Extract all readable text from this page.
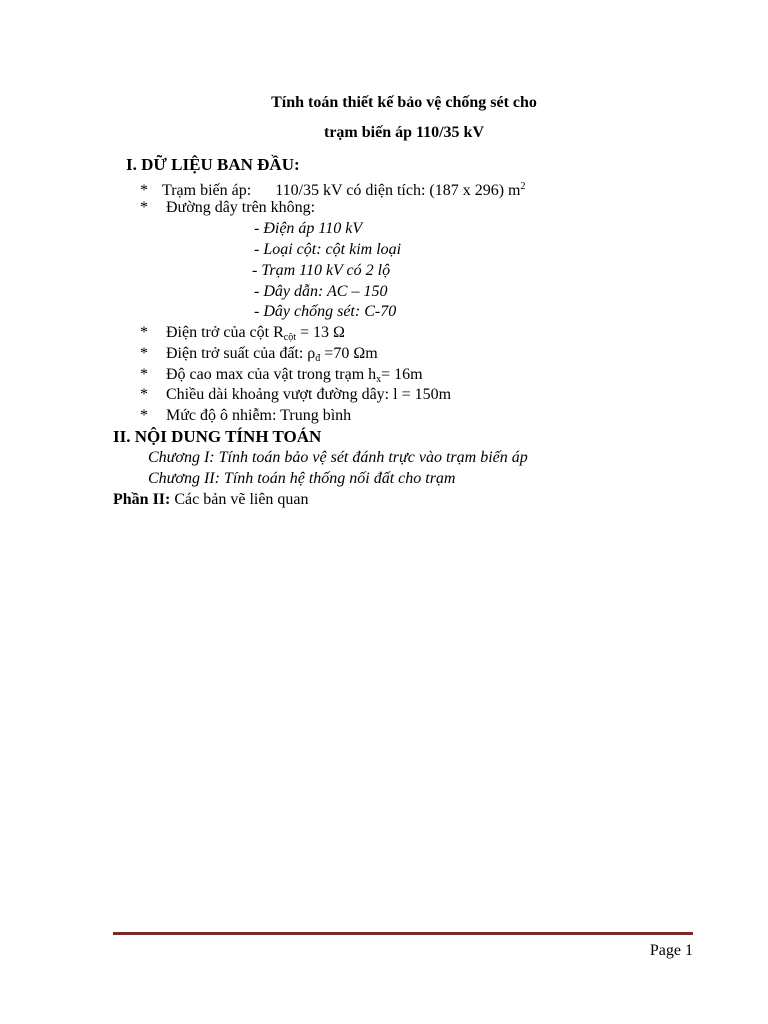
Tính toán thiết kế bảo vệ chống sét cho
trạm biến áp 110/35 kV
I. DỮ LIỆU BAN ĐẦU:
* Trạm biến áp: 110/35 kV có diện tích: (187 x 296) $m^2$
* Đường dây trên không:
- Điện áp 110 kV
- Loại cột: cột kim loại
- Trạm 110 kV có 2 lộ
- Dây dẫn: AC – 150
- Dây chống sét: C-70
* Điện trở của cột $R_{cột} = 13$ Ω
* Điện trở suất của đất: $\rho_đ =70$ Ωm
* Độ cao max của vật trong trạm $h_x= 16m$
* Chiều dài khoảng vượt đường dây: l = 150m
* Mức độ ô nhiễm: Trung bình
II. NỘI DUNG TÍNH TOÁN
Chương I: Tính toán bảo vệ sét đánh trực vào trạm biến áp
Chương II: Tính toán hệ thống nối đất cho trạm
Phần II: Các bản vẽ liên quan
Page 1
